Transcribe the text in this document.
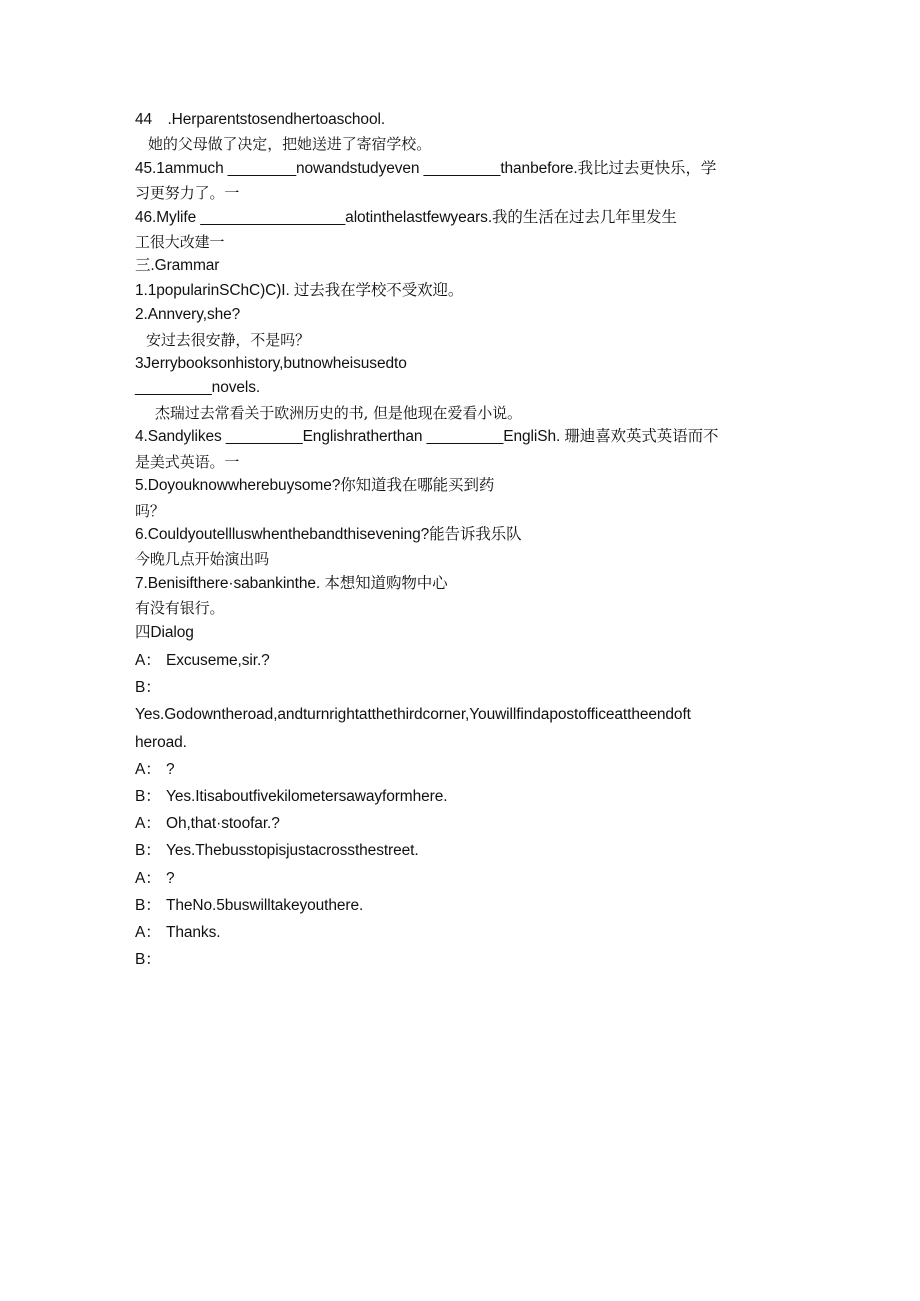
44 .Herparentstosendhertoaschool.
她的父母做了决定，把她送进了寄宿学校。
45.1ammuch ________nowandstudyeven _________thanbefore.我比过去更快乐，学
习更努力了。一
46.Mylife _________________alotinthelastfewyears.我的生活在过去几年里发生
工很大改建一
三.Grammar
1.1popularinSChC)C)I. 过去我在学校不受欢迎。
2.Annvery,she?
安过去很安静，不是吗？
3Jerrybooksonhistory,butnowheisusedto
_________novels.
杰瑞过去常看关于欧洲历史的书, 但是他现在爱看小说。
4.Sandylikes _________Englishratherthan _________EngliSh. 珊迪喜欢英式英语而不
是美式英语。一
5.Doyouknowwherebuysome?你知道我在哪能买到药
吗？
6.Couldyoutellluswhenthebandthisevening?能告诉我乐队
今晚几点开始演出吗
7.Benisifthere·sabankinthe. 本想知道购物中心
有没有银行。
四Dialog
A： Excuseme,sir.?
B：
Yes.Godowntheroad,andturnrightatthethirdcorner,Youwillfindapostofficeattheendoft
heroad.
A： ?
B： Yes.Itisaboutfivekilometersawayformhere.
A： Oh,that·stoofar.?
B： Yes.Thebusstopisjustacrossthestreet.
A： ?
B： TheNo.5buswilltakeyouthere.
A： Thanks.
B：
